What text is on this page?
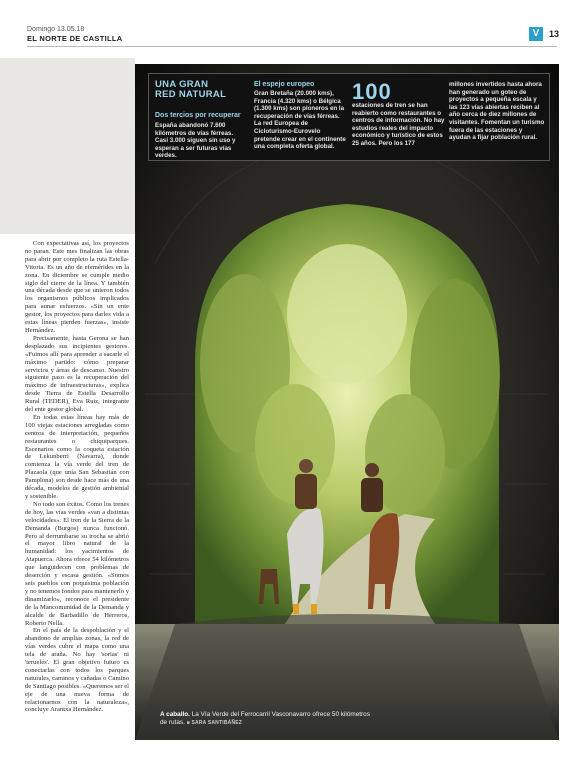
Domingo 13.05.18
EL NORTE DE CASTILLA	V	13

Con expectativas así, los proyectos no paran. Este mes finalizan las obras para abrir por completo la ruta Estella-Vitoria. Es un año de efemérides en la zona. En diciembre se cumple medio siglo del cierre de la línea. Y también una década desde que se unieron todos los organismos públicos implicados para aunar esfuerzos. «Sin un ente gestor, los proyectos para darles vida a estas líneas pierden fuerzas», insiste Hernández.

Precisamente, hasta Gerona se han desplazado sus incipientes gestores. «Fuimos allí para aprender a sacarle el máximo partido: cómo preparar servicios y áreas de descanso. Nuestro siguiente paso es la recuperación del máximo de infraestructuras», explica desde Tierra de Estella Desarrollo Rural (TEDER), Eva Ruiz, integrante del ente gestor global.

En todas estas líneas hay más de 100 viejas estaciones arregladas como centros de interpretación, pequeños restaurantes o chiquiparques. Escenarios como la coqueta estación de Lekunberri (Navarra), donde comienza la vía verde del tren de Plazaola (que unía San Sebastián con Pamplona) son desde hace más de una década, modelos de gestión ambiental y sostenible.

No todo son éxitos. Como los trenes de hoy, las vías verdes «van a distintas velocidades». El tren de la Sierra de la Demanda (Burgos) nunca funcionó. Pero al derrumbarse su trocha se abrió el mayor libro natural de la humanidad: los yacimientos de Atapuerca. Ahora ofrece 54 kilómetros que languidecen con problemas de deserción y escasa gestión. «Somos seis pueblos con poquísima población y no tenemos fondos para mantenerlo y dinamizarlo», reconoce el presidente de la Mancomunidad de la Demanda y alcalde de Barbadillo de Herreros, Roberto Nella.

En el país de la despoblación y el abandono de amplias zonas, la red de vías verdes cubre el mapa como una tela de araña. No hay 'sorias' ni 'teruelés'. El gran objetivo futuro es conectarlas con todos los parques naturales, caminos y cañadas o Camino de Santiago posibles. «Queremos ser el eje de una nueva forma de relacionarnos con la naturaleza», concluye Arantxa Hernández.

UNA GRAN
RED NATURAL
Dos tercios por recuperar
España abandonó 7.600 kilómetros de vías férreas. Casi 3.000 siguen sin uso y esperan a ser futuras vías verdes.
El espejo europeo
Gran Bretaña (20.000 kms), Francia (4.320 kms) o Bélgica (1.300 kms) son pioneros en la recuperación de vías férreas. La red Europea de Cicloturismo-Eurovelo pretende crear en el continente una completa oferta global.
100
estaciones de tren se han reabierto como restaurantes o centros de información. No hay estudios reales del impacto económico y turístico de estos 25 años. Pero los 177
millones invertidos hasta ahora han generado un goteo de proyectos a pequeña escala y las 123 vías abiertas reciben al año cerca de diez millones de visitantes. Fomentan un turismo fuera de las estaciones y ayudan a fijar población rural.
A caballo. La Vía Verde del Ferrocarril Vasconavarro ofrece 50 kilómetros de rutas. ■ SARA SANTIBÁÑEZ
